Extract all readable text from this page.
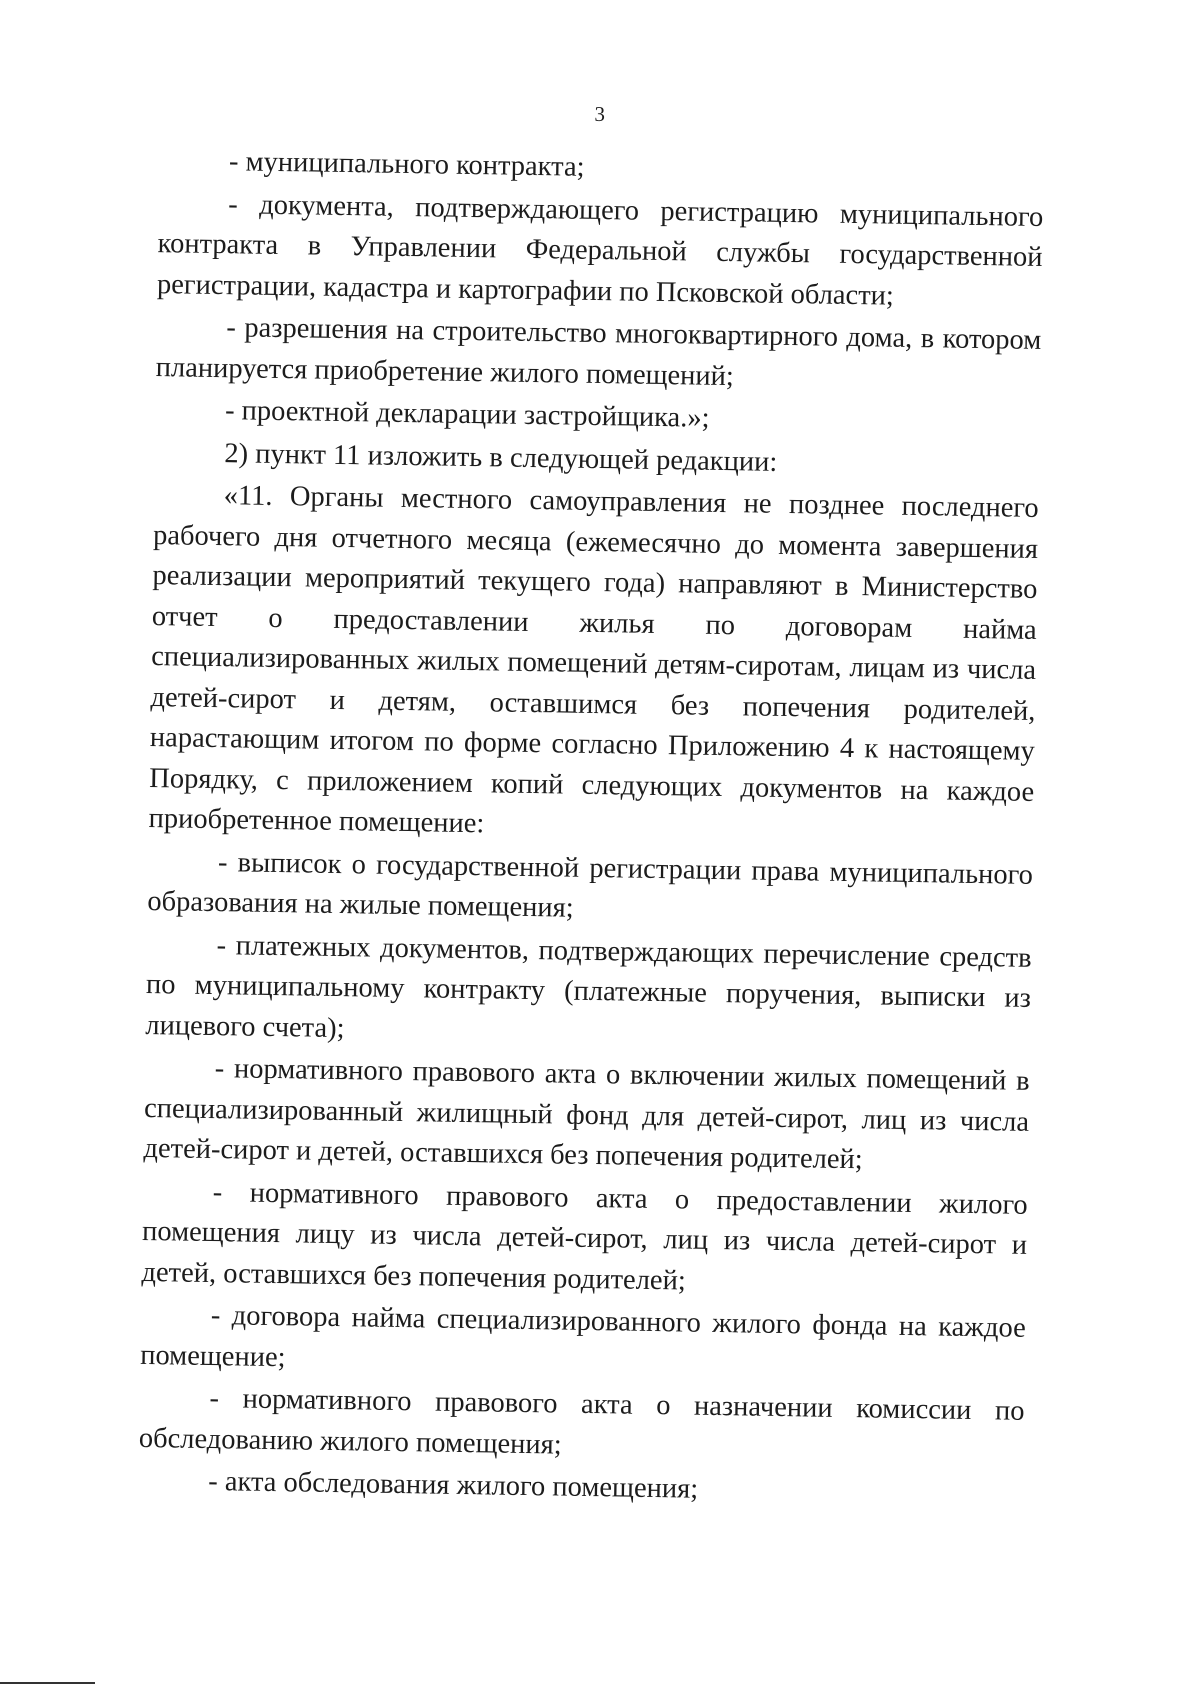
3

- муниципального контракта;

- документа, подтверждающего регистрацию муниципального контракта в Управлении Федеральной службы государственной регистрации, кадастра и картографии по Псковской области;

- разрешения на строительство многоквартирного дома, в котором планируется приобретение жилого помещений;

- проектной декларации застройщика.»;

2) пункт 11 изложить в следующей редакции:

«11. Органы местного самоуправления не позднее последнего рабочего дня отчетного месяца (ежемесячно до момента завершения реализации мероприятий текущего года) направляют в Министерство отчет о предоставлении жилья по договорам найма специализированных жилых помещений детям-сиротам, лицам из числа детей-сирот и детям, оставшимся без попечения родителей, нарастающим итогом по форме согласно Приложению 4 к настоящему Порядку, с приложением копий следующих документов на каждое приобретенное помещение:

- выписок о государственной регистрации права муниципального образования на жилые помещения;

- платежных документов, подтверждающих перечисление средств по муниципальному контракту (платежные поручения, выписки из лицевого счета);

- нормативного правового акта о включении жилых помещений в специализированный жилищный фонд для детей-сирот, лиц из числа детей-сирот и детей, оставшихся без попечения родителей;

- нормативного правового акта о предоставлении жилого помещения лицу из числа детей-сирот, лиц из числа детей-сирот и детей, оставшихся без попечения родителей;

- договора найма специализированного жилого фонда на каждое помещение;

- нормативного правового акта о назначении комиссии по обследованию жилого помещения;

- акта обследования жилого помещения;
